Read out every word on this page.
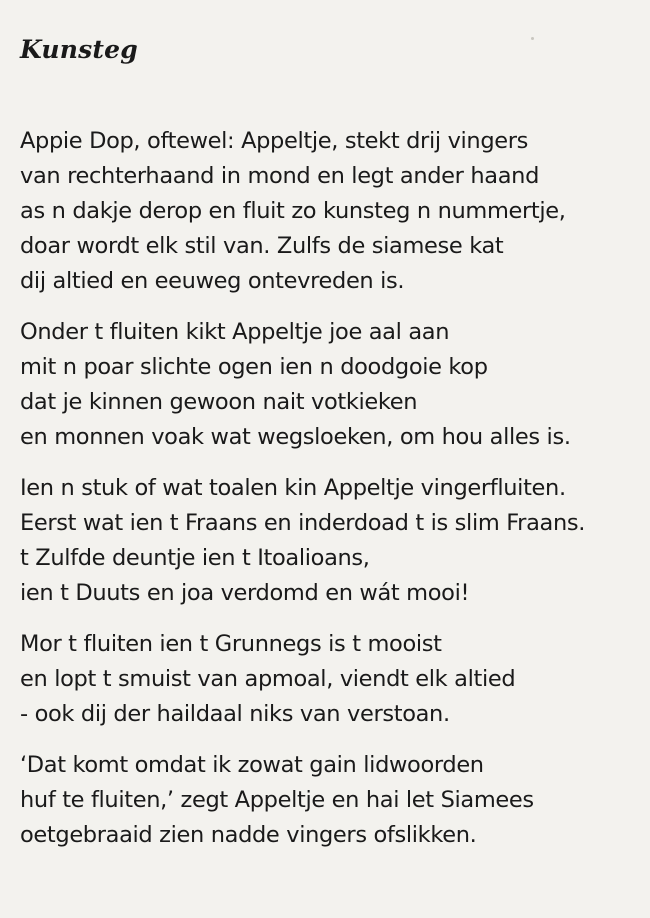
Kunsteg

Appie Dop, oftewel: Appeltje, stekt drij vingers
van rechterhaand in mond en legt ander haand
as n dakje derop en fluit zo kunsteg n nummertje,
doar wordt elk stil van. Zulfs de siamese kat
dij altied en eeuweg ontevreden is.

Onder t fluiten kikt Appeltje joe aal aan
mit n poar slichte ogen ien n doodgoie kop
dat je kinnen gewoon nait votkieken
en monnen voak wat wegsloeken, om hou alles is.

Ien n stuk of wat toalen kin Appeltje vingerfluiten.
Eerst wat ien t Fraans en inderdoad t is slim Fraans.
t Zulfde deuntje ien t Itoalioans,
ien t Duuts en joa verdomd en wát mooi!

Mor t fluiten ien t Grunnegs is t mooist
en lopt t smuist van apmoal, viendt elk altied
- ook dij der haildaal niks van verstoan.

‘Dat komt omdat ik zowat gain lidwoorden
huf te fluiten,’ zegt Appeltje en hai let Siamees
oetgebraaid zien nadde vingers ofslikken.
